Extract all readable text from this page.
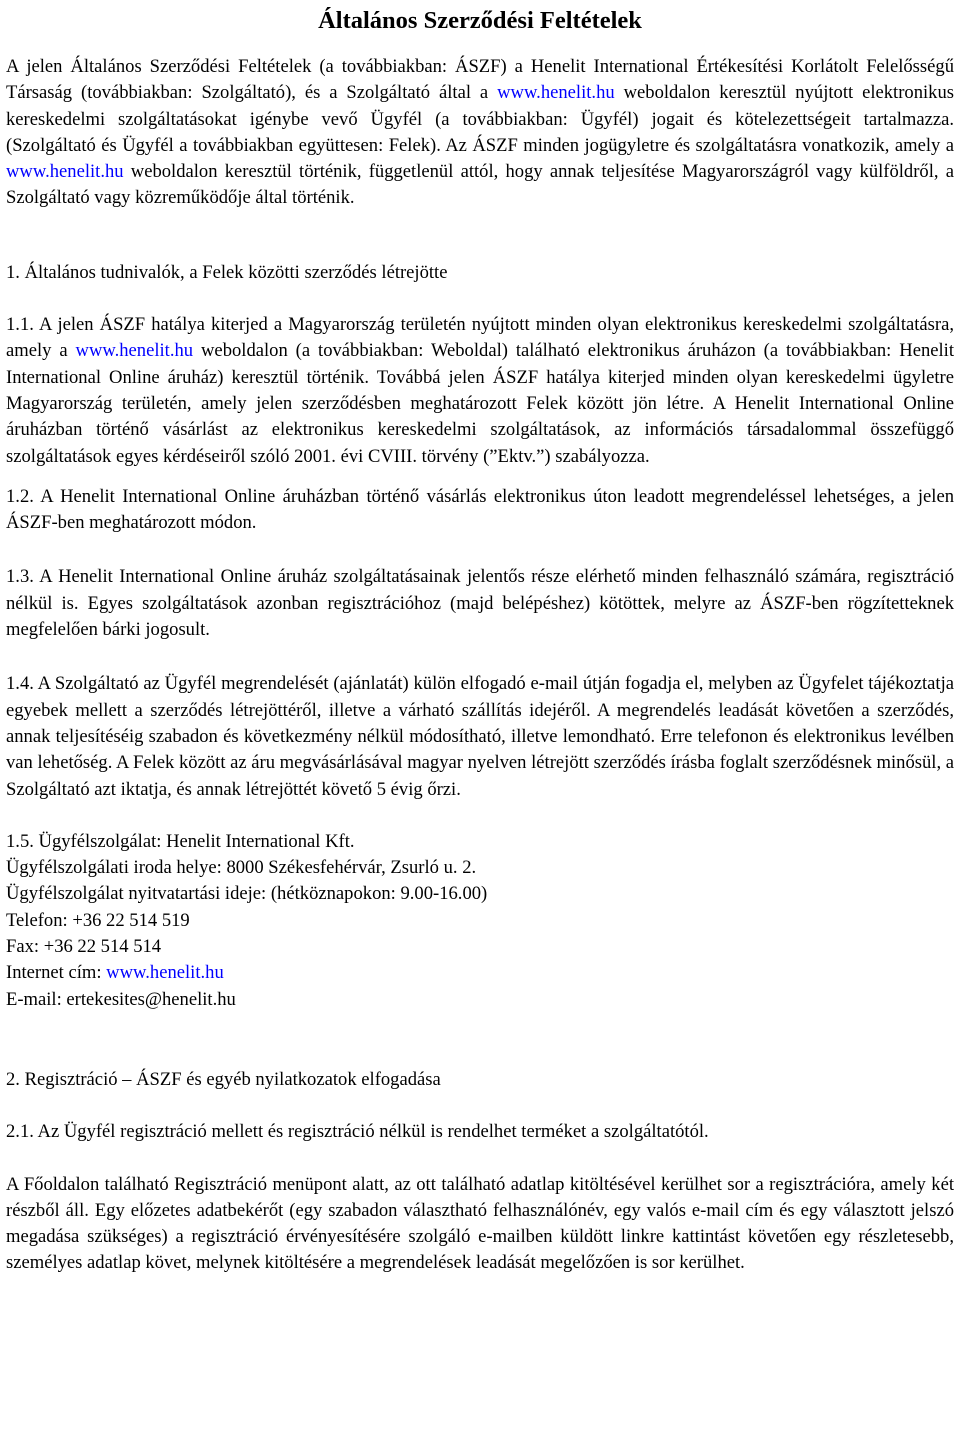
Általános Szerződési Feltételek

A jelen Általános Szerződési Feltételek (a továbbiakban: ÁSZF) a Henelit International Értékesítési Korlátolt Felelősségű Társaság (továbbiakban: Szolgáltató), és a Szolgáltató által a www.henelit.hu weboldalon keresztül nyújtott elektronikus kereskedelmi szolgáltatásokat igénybe vevő Ügyfél (a továbbiakban: Ügyfél) jogait és kötelezettségeit tartalmazza. (Szolgáltató és Ügyfél a továbbiakban együttesen: Felek). Az ÁSZF minden jogügyletre és szolgáltatásra vonatkozik, amely a www.henelit.hu weboldalon keresztül történik, függetlenül attól, hogy annak teljesítése Magyarországról vagy külföldről, a Szolgáltató vagy közreműködője által történik.

1. Általános tudnivalók, a Felek közötti szerződés létrejötte

1.1. A jelen ÁSZF hatálya kiterjed a Magyarország területén nyújtott minden olyan elektronikus kereskedelmi szolgáltatásra, amely a www.henelit.hu weboldalon (a továbbiakban: Weboldal) található elektronikus áruházon (a továbbiakban: Henelit International Online áruház) keresztül történik. Továbbá jelen ÁSZF hatálya kiterjed minden olyan kereskedelmi ügyletre Magyarország területén, amely jelen szerződésben meghatározott Felek között jön létre. A Henelit International Online áruházban történő vásárlást az elektronikus kereskedelmi szolgáltatások, az információs társadalommal összefüggő szolgáltatások egyes kérdéseiről szóló 2001. évi CVIII. törvény (”Ektv.”) szabályozza.

1.2. A Henelit International Online áruházban történő vásárlás elektronikus úton leadott megrendeléssel lehetséges, a jelen ÁSZF-ben meghatározott módon.

1.3. A Henelit International Online áruház szolgáltatásainak jelentős része elérhető minden felhasználó számára, regisztráció nélkül is. Egyes szolgáltatások azonban regisztrációhoz (majd belépéshez) kötöttek, melyre az ÁSZF-ben rögzítetteknek megfelelően bárki jogosult.

1.4. A Szolgáltató az Ügyfél megrendelését (ajánlatát) külön elfogadó e-mail útján fogadja el, melyben az Ügyfelet tájékoztatja egyebek mellett a szerződés létrejöttéről, illetve a várható szállítás idejéről. A megrendelés leadását követően a szerződés, annak teljesítéséig szabadon és következmény nélkül módosítható, illetve lemondható. Erre telefonon és elektronikus levélben van lehetőség. A Felek között az áru megvásárlásával magyar nyelven létrejött szerződés írásba foglalt szerződésnek minősül, a Szolgáltató azt iktatja, és annak létrejöttét követő 5 évig őrzi.

1.5. Ügyfélszolgálat: Henelit International Kft.
Ügyfélszolgálati iroda helye: 8000 Székesfehérvár, Zsurló u. 2.
Ügyfélszolgálat nyitvatartási ideje: (hétköznapokon: 9.00-16.00)
Telefon: +36 22 514 519
Fax: +36 22 514 514
Internet cím: www.henelit.hu
E-mail: ertekesites@henelit.hu

2. Regisztráció – ÁSZF és egyéb nyilatkozatok elfogadása

2.1. Az Ügyfél regisztráció mellett és regisztráció nélkül is rendelhet terméket a szolgáltatótól.

A Főoldalon található Regisztráció menüpont alatt, az ott található adatlap kitöltésével kerülhet sor a regisztrációra, amely két részből áll. Egy előzetes adatbekérőt (egy szabadon választható felhasználónév, egy valós e-mail cím és egy választott jelszó megadása szükséges) a regisztráció érvényesítésére szolgáló e-mailben küldött linkre kattintást követően egy részletesebb, személyes adatlap követ, melynek kitöltésére a megrendelések leadását megelőzően is sor kerülhet.
